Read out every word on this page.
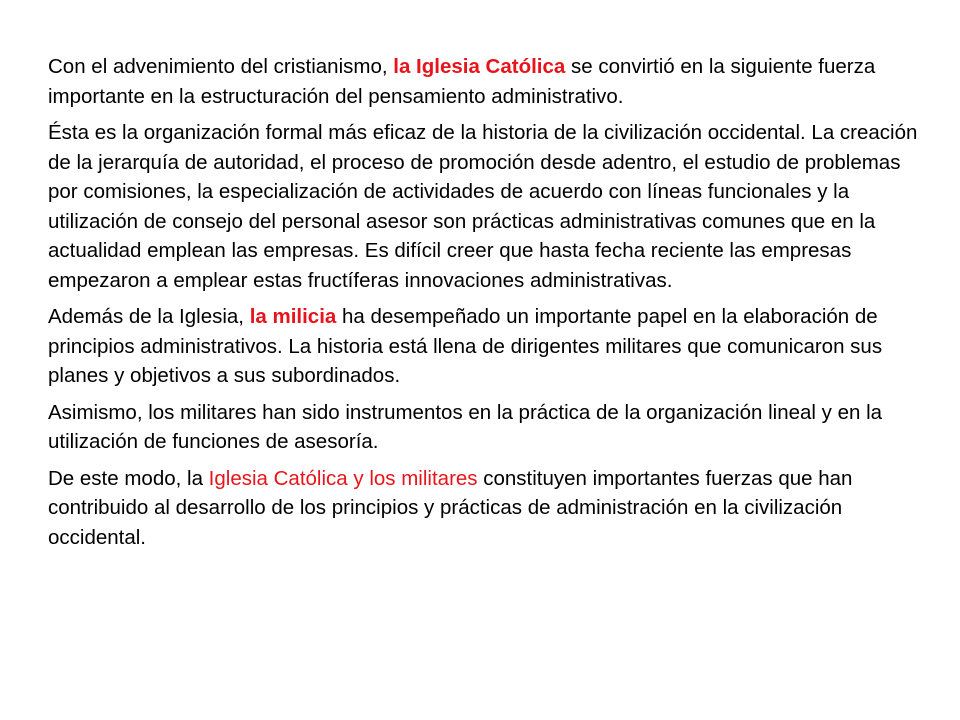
Con el advenimiento del cristianismo, la Iglesia Católica se convirtió en la siguiente fuerza importante en la estructuración del pensamiento administrativo.

Ésta es la organización formal más eficaz de la historia de la civilización occidental. La creación de la jerarquía de autoridad, el proceso de promoción desde adentro, el estudio de problemas por comisiones, la especialización de actividades de acuerdo con líneas funcionales y la utilización de consejo del personal asesor son prácticas administrativas comunes que en la actualidad emplean las empresas. Es difícil creer que hasta fecha reciente las empresas empezaron a emplear estas fructíferas innovaciones administrativas.

Además de la Iglesia, la milicia ha desempeñado un importante papel en la elaboración de principios administrativos. La historia está llena de dirigentes militares que comunicaron sus planes y objetivos a sus subordinados.

Asimismo, los militares han sido instrumentos en la práctica de la organización lineal y en la utilización de funciones de asesoría.

De este modo, la Iglesia Católica y los militares constituyen importantes fuerzas que han contribuido al desarrollo de los principios y prácticas de administración en la civilización occidental.
